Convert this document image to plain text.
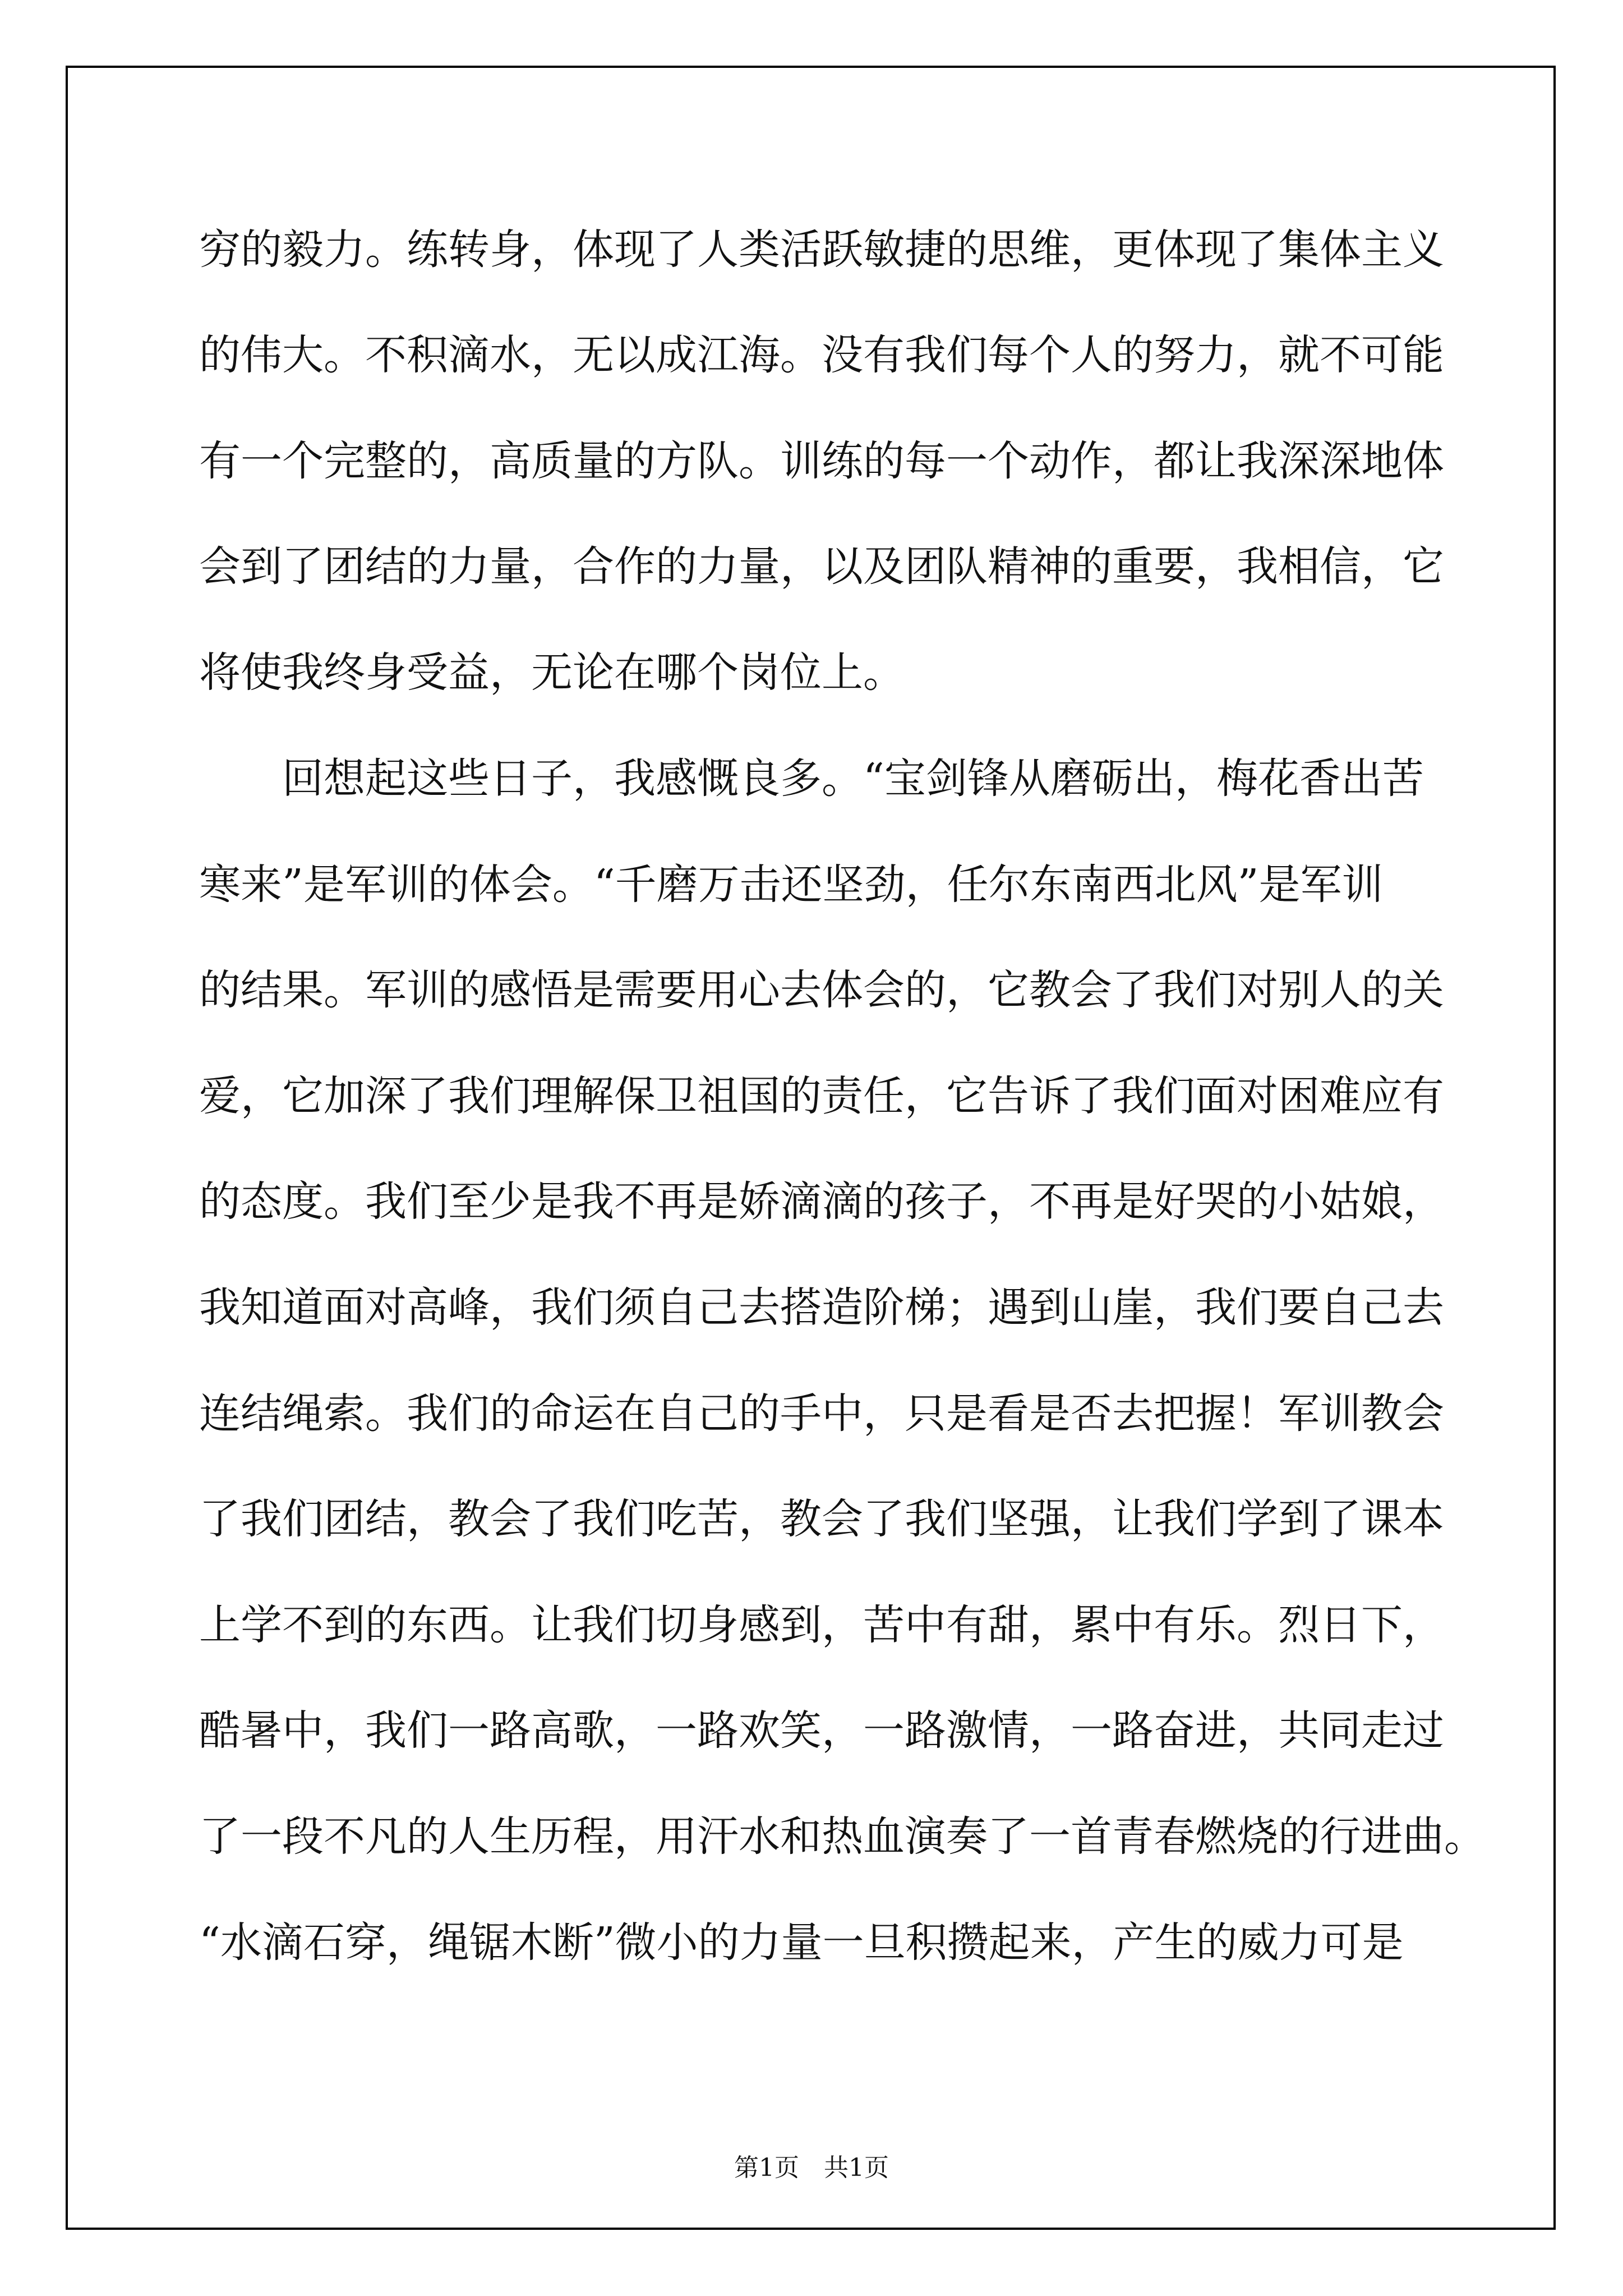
穷的毅力。练转身，体现了人类活跃敏捷的思维，更体现了集体主义
的伟大。不积滴水，无以成江海。没有我们每个人的努力，就不可能
有一个完整的，高质量的方队。训练的每一个动作，都让我深深地体
会到了团结的力量，合作的力量，以及团队精神的重要，我相信，它
将使我终身受益，无论在哪个岗位上。
　　回想起这些日子，我感慨良多。“宝剑锋从磨砺出，梅花香出苦
寒来”是军训的体会。“千磨万击还坚劲，任尔东南西北风”是军训
的结果。军训的感悟是需要用心去体会的，它教会了我们对别人的关
爱，它加深了我们理解保卫祖国的责任，它告诉了我们面对困难应有
的态度。我们至少是我不再是娇滴滴的孩子，不再是好哭的小姑娘，
我知道面对高峰，我们须自己去搭造阶梯；遇到山崖，我们要自己去
连结绳索。我们的命运在自己的手中，只是看是否去把握！军训教会
了我们团结，教会了我们吃苦，教会了我们坚强，让我们学到了课本
上学不到的东西。让我们切身感到，苦中有甜，累中有乐。烈日下，
酷暑中，我们一路高歌，一路欢笑，一路激情，一路奋进，共同走过
了一段不凡的人生历程，用汗水和热血演奏了一首青春燃烧的行进曲。
“水滴石穿，绳锯木断”微小的力量一旦积攒起来，产生的威力可是
第1页　共1页
